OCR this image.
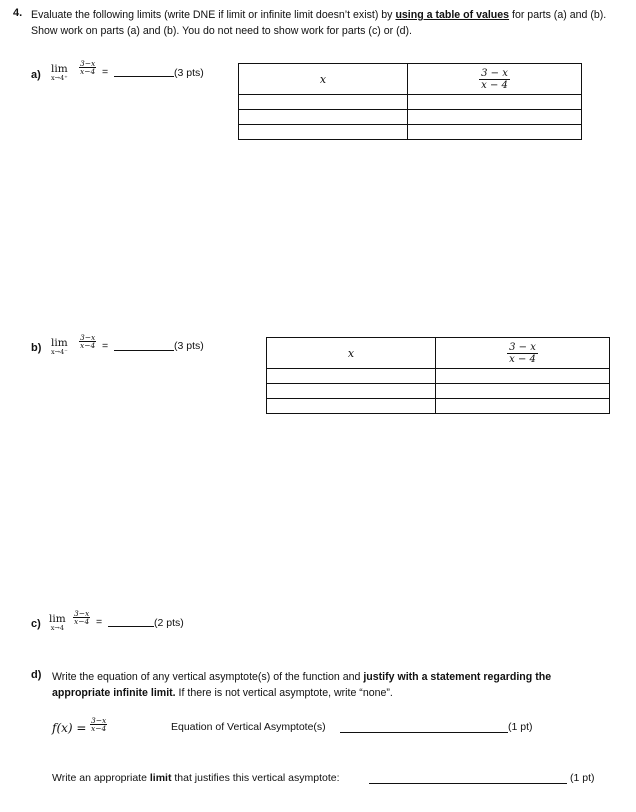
4. Evaluate the following limits (write DNE if limit or infinite limit doesn’t exist) by using a table of values for parts (a) and (b). Show work on parts (a) and (b). You do not need to show work for parts (c) or (d).
a) lim
x→4⁺
$\frac{3-x}{x-4}$ =	(3 pts)	x	3 − x
x − 4

b) lim
x→4⁻
$\frac{3-x}{x-4}$ =	(3 pts)
x	3 − x
x − 4

c) lim
x→4
$\frac{3-x}{x-4}$ =	(2 pts)
d) Write the equation of any vertical asymptote(s) of the function and justify with a statement regarding the appropriate infinite limit. If there is not vertical asymptote, write “none”.
$f(x) = \frac{3-x}{x-4}$	Equation of Vertical Asymptote(s)	(1 pt)
Write an appropriate limit that justifies this vertical asymptote:	(1 pt)
